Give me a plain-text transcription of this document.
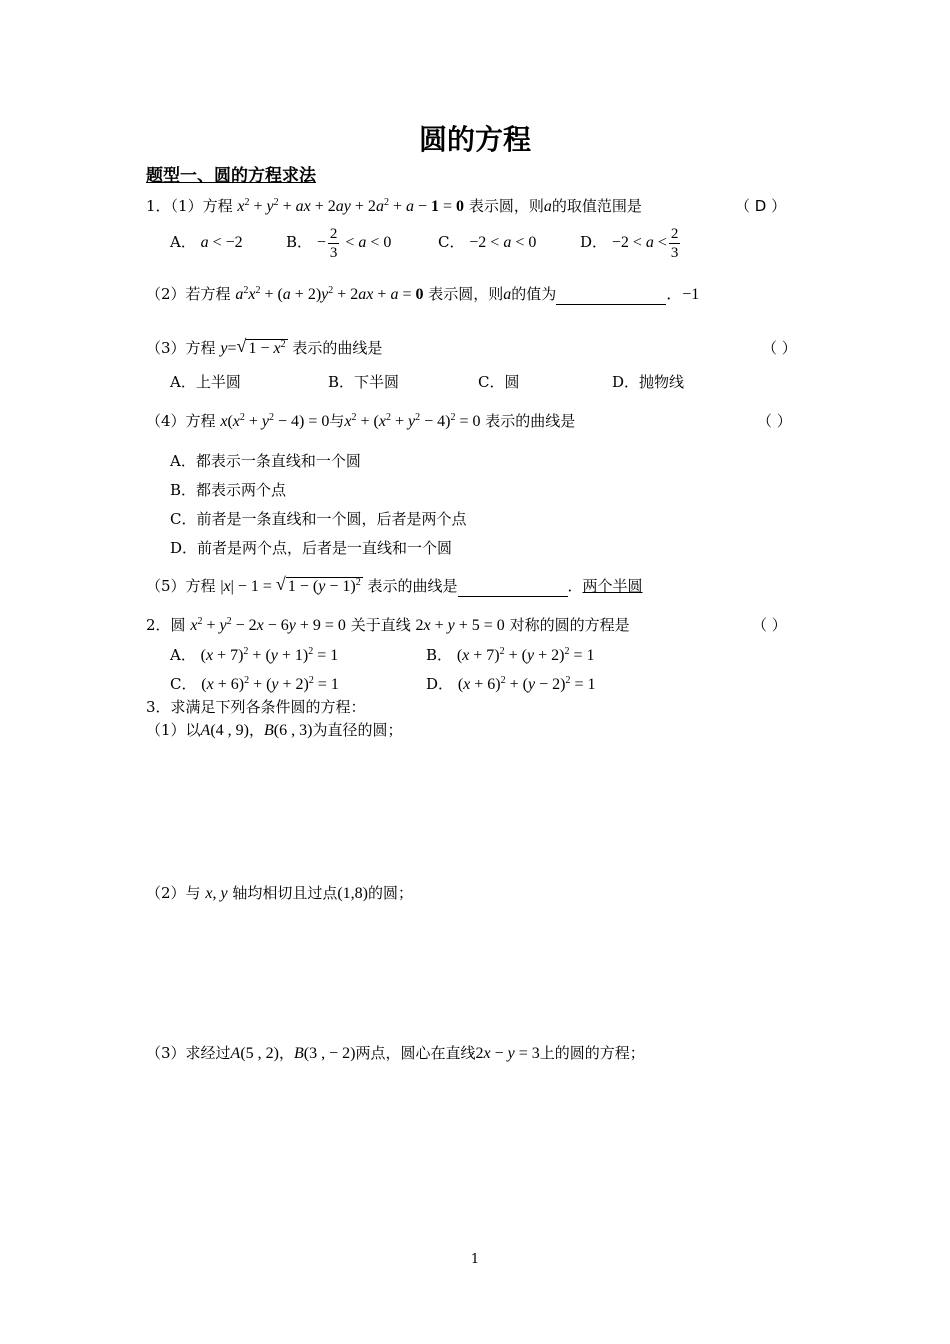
圆的方程
题型一、圆的方程求法
1．（1）方程 $x^2 + y^2$ + ax + $2ay + 2a^2 + a - 1 = 0$ 表示圆，则a的取值范围是	（ D ）
A． a < −2	B． − $\frac{2}{3} < a < 0$	C． −2 < a < 0	D． $-2 < a < \frac{2}{3}$
（2）若方程 $a^2x^2 + (a + 2)y^2 + 2ax + a = 0$ 表示圆，则a的值为	．−1
（3）方程 y= √ $1 - x^2$ 表示的曲线是	（ ）
A．上半圆	B．下半圆	C．圆	D．抛物线
（4）方程 $x(x^2 + y^2 - 4) = 0$与$x^2 + (x^2 + y^2 - 4)^2 = 0$ 表示的曲线是	（ ）
A．都表示一条直线和一个圆
B．都表示两个点
C．前者是一条直线和一个圆，后者是两个点
D．前者是两个点，后者是一直线和一个圆
（5）方程 |x| − 1 = √ $1 - (y - 1)^2$ 表示的曲线是	．两个半圆
2．圆 $x^2 + y^2 - 2x - 6y + 9 = 0$ 关于直线 2x + y + 5 = 0 对称的圆的方程是	（ ）
A． $(x + 7)^2 + (y + 1)^2 = 1$	B． $(x + 7)^2 + (y + 2)^2 = 1$
C． $(x + 6)^2 + (y + 2)^2 = 1$	D． $(x + 6)^2 + (y - 2)^2 = 1$
3．求满足下列各条件圆的方程：
（1）以A(4 , 9)，B(6 , 3)为直径的圆；
（2）与 x, y 轴均相切且过点(1,8)的圆；
（3）求经过A(5 , 2)，B(3 , − 2)两点，圆心在直线2x − y = 3上的圆的方程；
1
